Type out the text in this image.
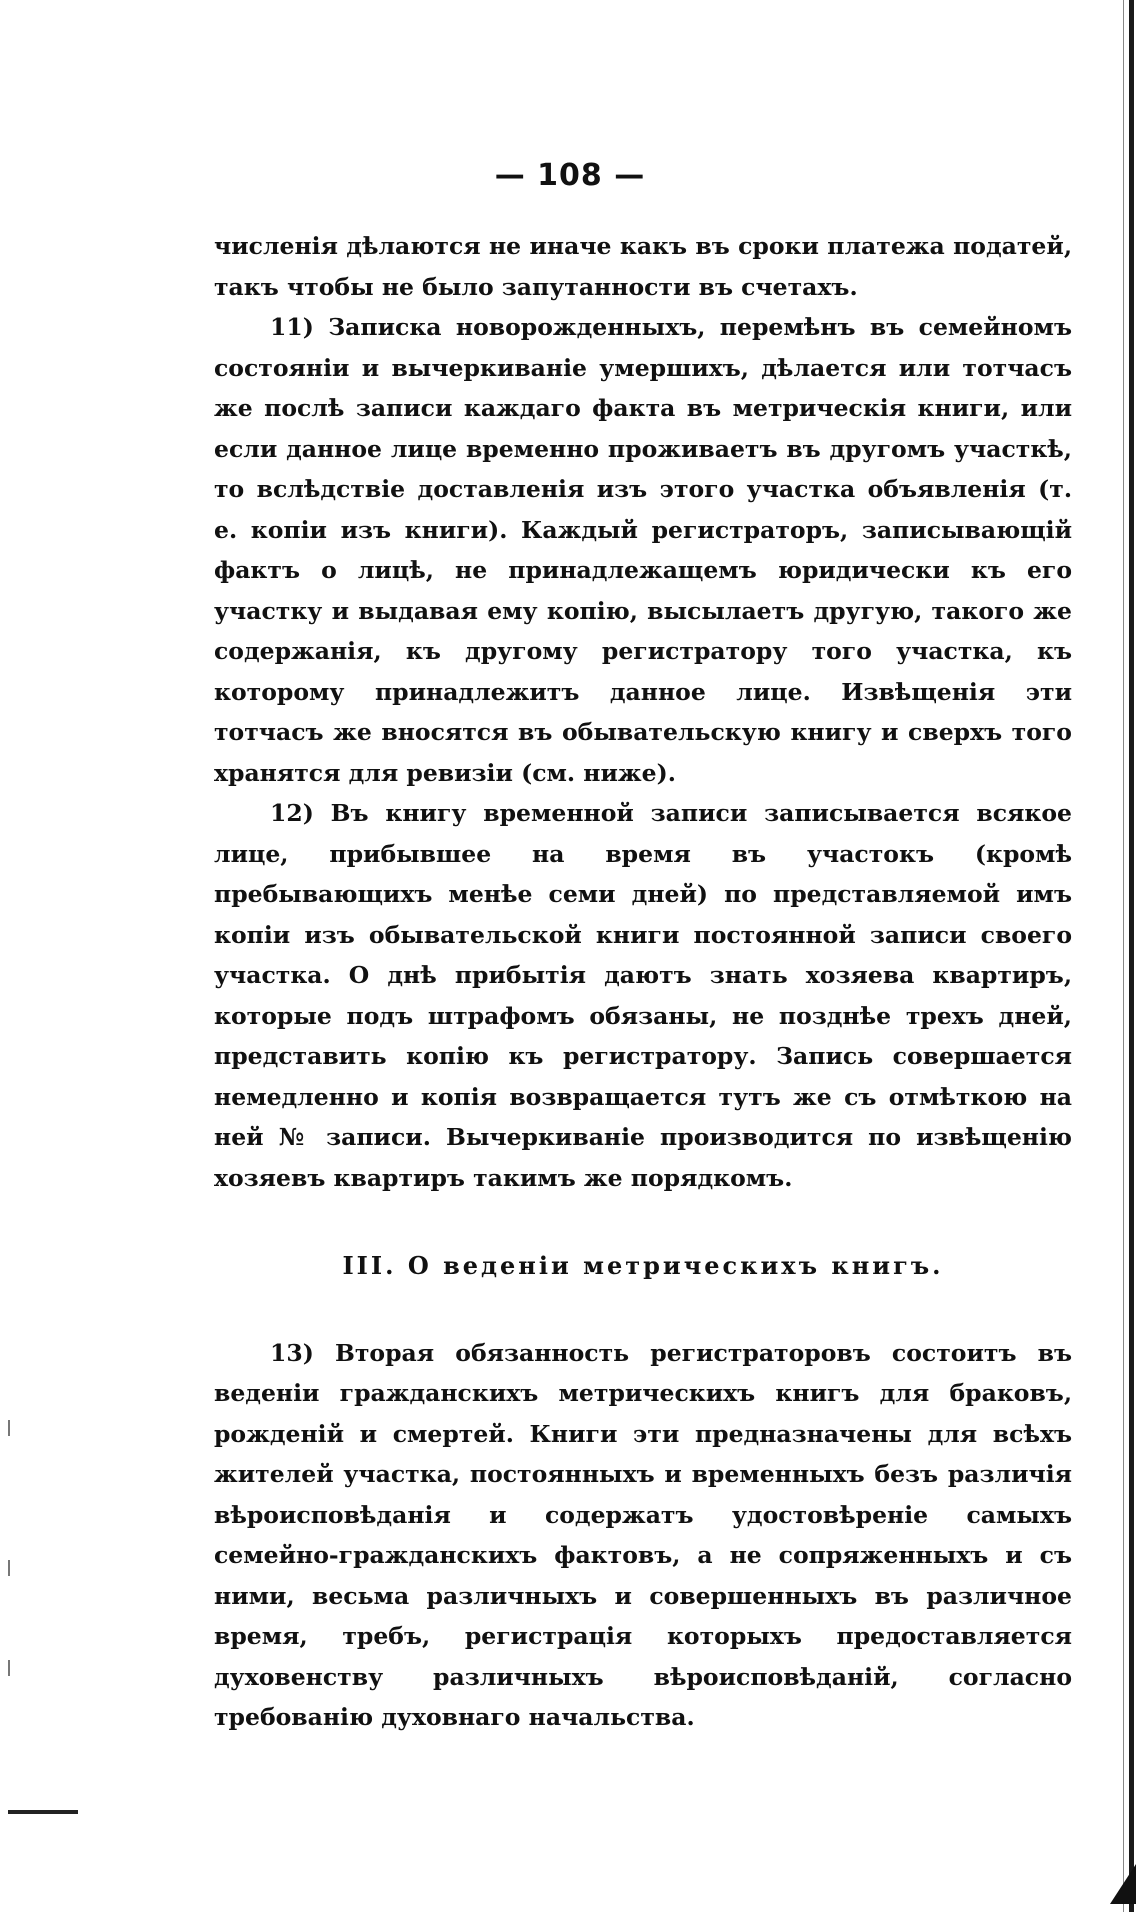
— 108 —

численія дѣлаются не иначе какъ въ сроки платежа податей, такъ чтобы не было запутанности въ счетахъ.

11) Записка новорожденныхъ, перемѣнъ въ семейномъ состояніи и вычеркиваніе умершихъ, дѣлается или тотчасъ же послѣ записи каждаго факта въ метрическія книги, или если данное лице временно проживаетъ въ другомъ участкѣ, то вслѣдствіе доставленія изъ этого участка объявленія (т. е. копіи изъ книги). Каждый регистраторъ, записывающій фактъ о лицѣ, не принадлежащемъ юридически къ его участку и выдавая ему копію, высылаетъ другую, такого же содержанія, къ другому регистратору того участка, къ которому принадлежитъ данное лице. Извѣщенія эти тотчасъ же вносятся въ обывательскую книгу и сверхъ того хранятся для ревизіи (см. ниже).

12) Въ книгу временной записи записывается всякое лице, прибывшее на время въ участокъ (кромѣ пребывающихъ менѣе семи дней) по представляемой имъ копіи изъ обывательской книги постоянной записи своего участка. О днѣ прибытія даютъ знать хозяева квартиръ, которые подъ штрафомъ обязаны, не позднѣе трехъ дней, представить копію къ регистратору. Запись совершается немедленно и копія возвращается тутъ же съ отмѣткою на ней № записи. Вычеркиваніе производится по извѣщенію хозяевъ квартиръ такимъ же порядкомъ.

III. О веденіи метрическихъ книгъ.

13) Вторая обязанность регистраторовъ состоитъ въ веденіи гражданскихъ метрическихъ книгъ для браковъ, рожденій и смертей. Книги эти предназначены для всѣхъ жителей участка, постоянныхъ и временныхъ безъ различія вѣроисповѣданія и содержатъ удостовѣреніе самыхъ семейно-гражданскихъ фактовъ, а не сопряженныхъ и съ ними, весьма различныхъ и совершенныхъ въ различное время, требъ, регистрація которыхъ предоставляется духовенству различныхъ вѣроисповѣданій, согласно требованію духовнаго начальства.
